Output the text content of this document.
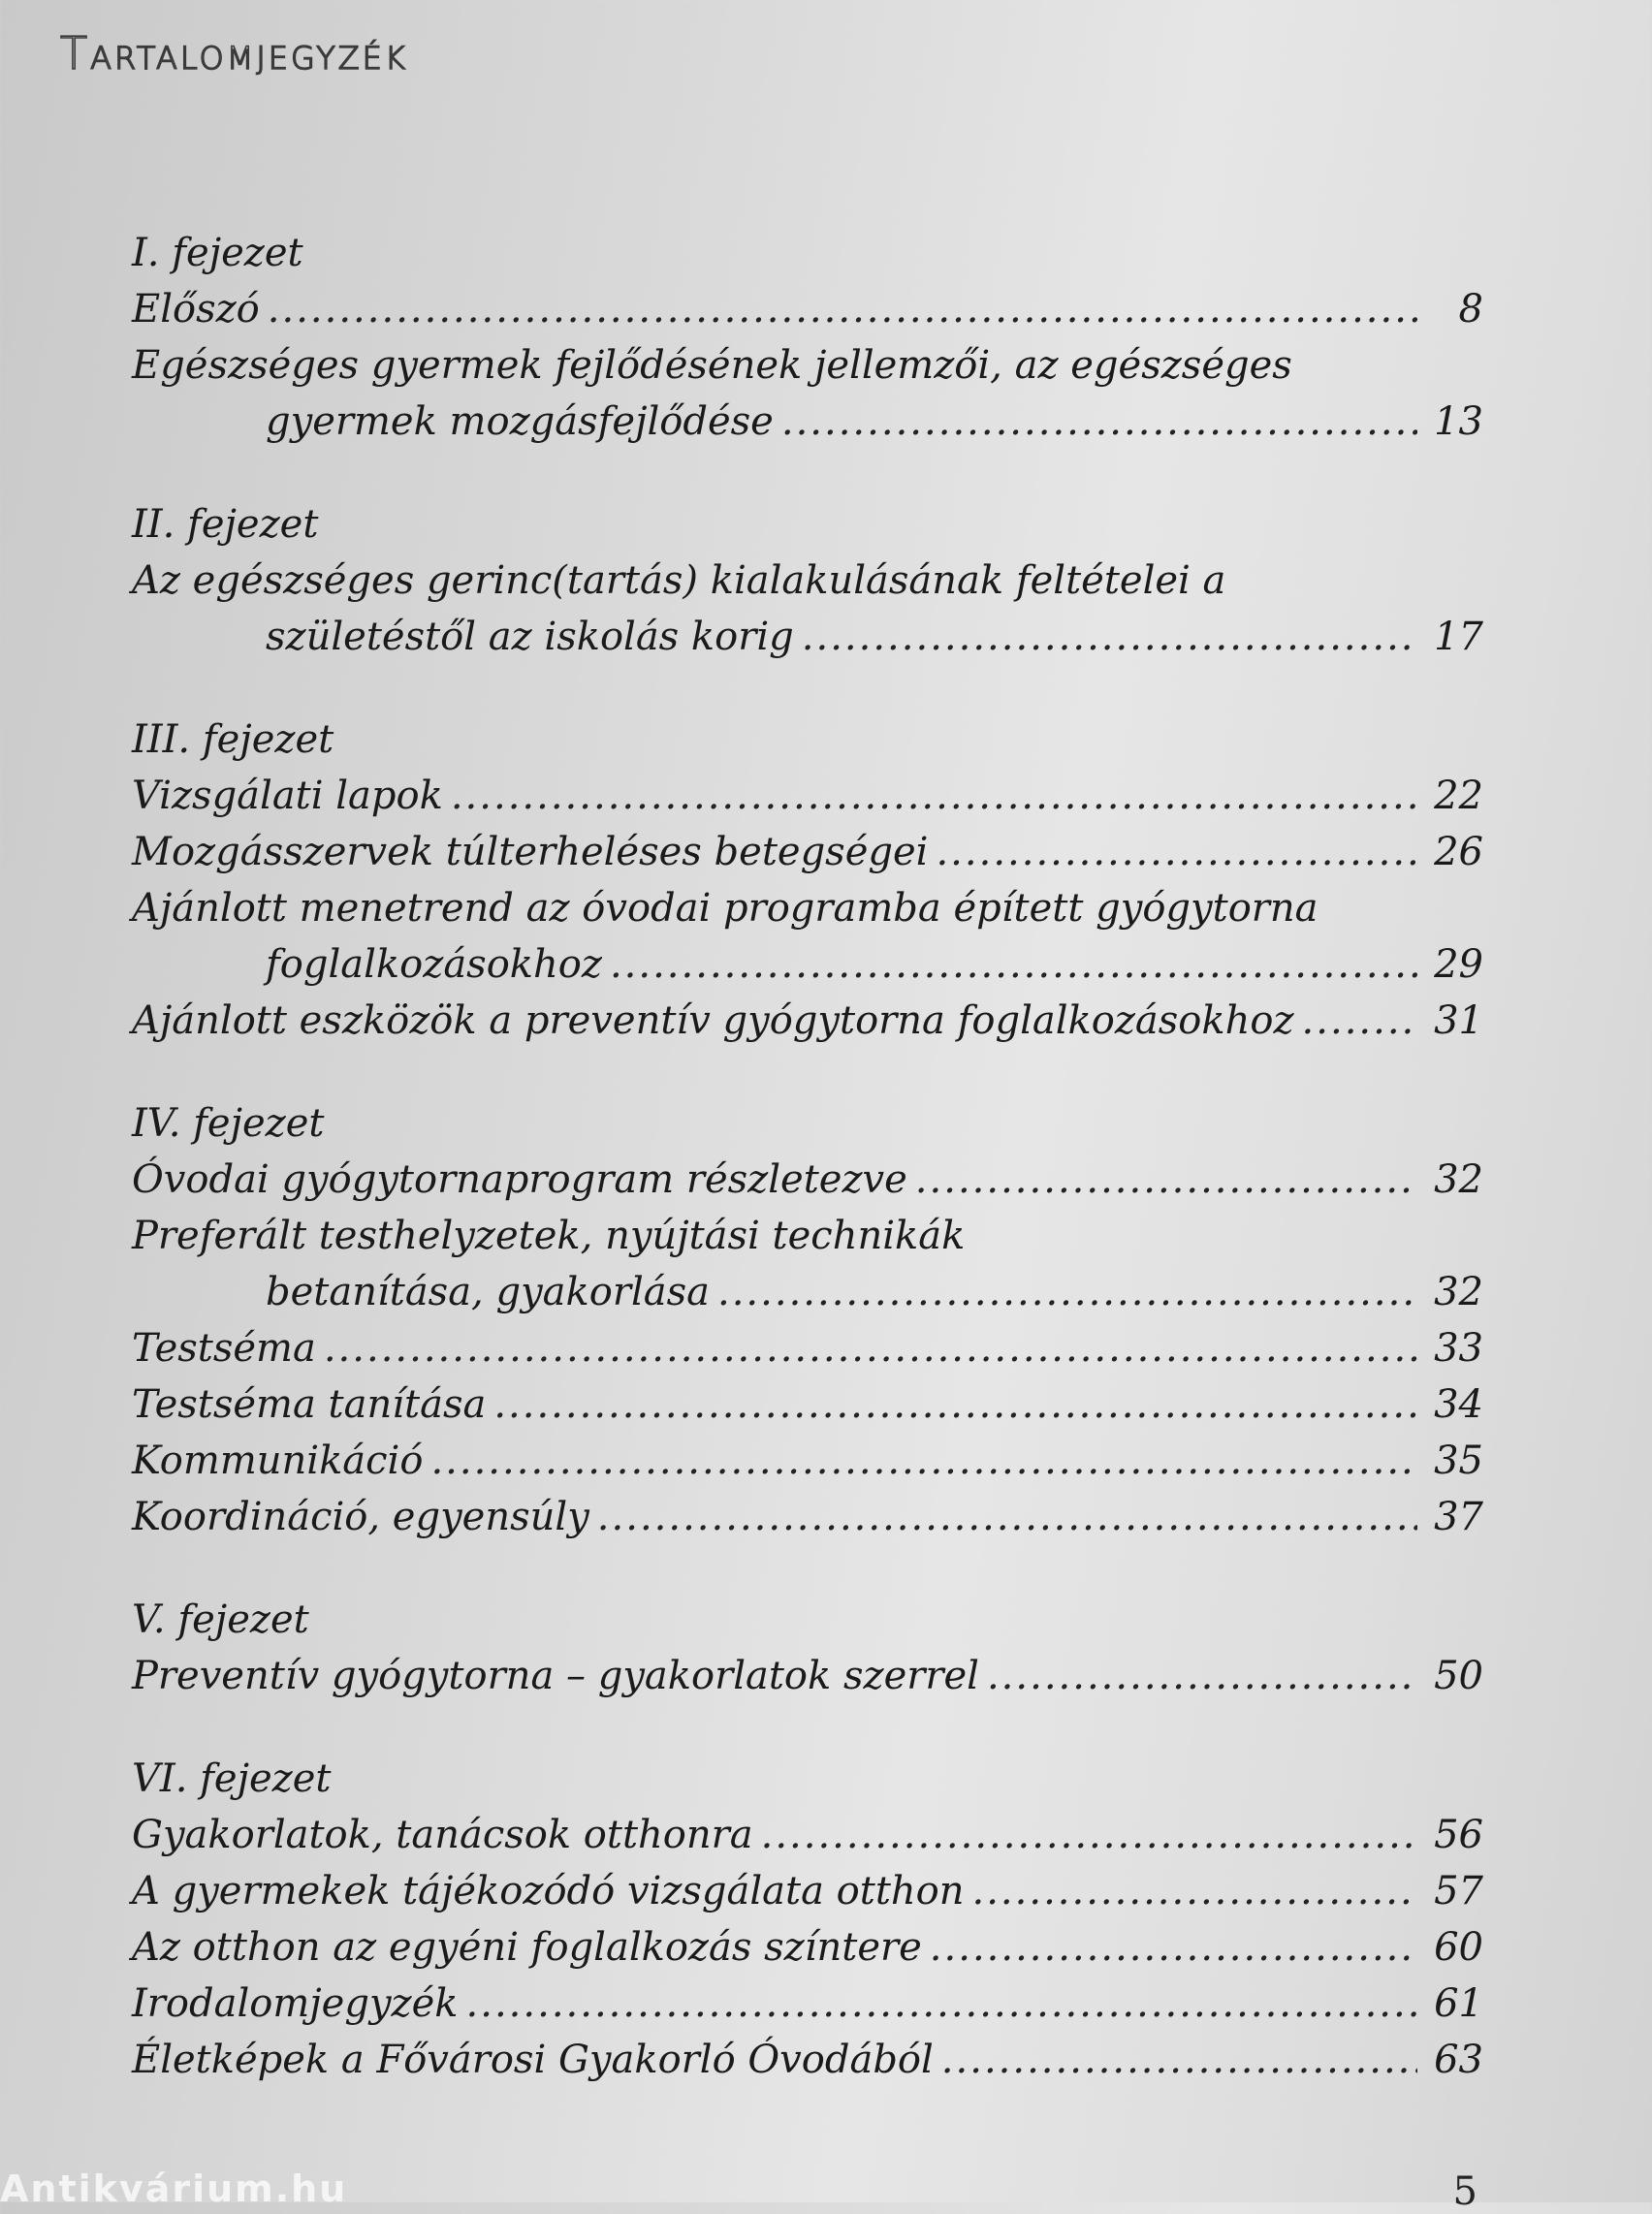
Tartalomjegyzék
I. fejezet
Előszó .....	8
Egészséges gyermek fejlődésének jellemzői, az egészséges
gyermek mozgásfejlődése .....	13
II. fejezet
Az egészséges gerinc(tartás) kialakulásának feltételei a
születéstől az iskolás korig .....	17
III. fejezet
Vizsgálati lapok .....	22
Mozgásszervek túlterheléses betegségei .....	26
Ajánlott menetrend az óvodai programba épített gyógytorna
foglalkozásokhoz .....	29
Ajánlott eszközök a preventív gyógytorna foglalkozásokhoz .....	31
IV. fejezet
Óvodai gyógytornaprogram részletezve .....	32
Preferált testhelyzetek, nyújtási technikák
betanítása, gyakorlása .....	32
Testséma .....	33
Testséma tanítása .....	34
Kommunikáció .....	35
Koordináció, egyensúly .....	37
V. fejezet
Preventív gyógytorna – gyakorlatok szerrel .....	50
VI. fejezet
Gyakorlatok, tanácsok otthonra .....	56
A gyermekek tájékozódó vizsgálata otthon .....	57
Az otthon az egyéni foglalkozás színtere .....	60
Irodalomjegyzék .....	61
Életképek a Fővárosi Gyakorló Óvodából .....	63
Antikvárium.hu	5
